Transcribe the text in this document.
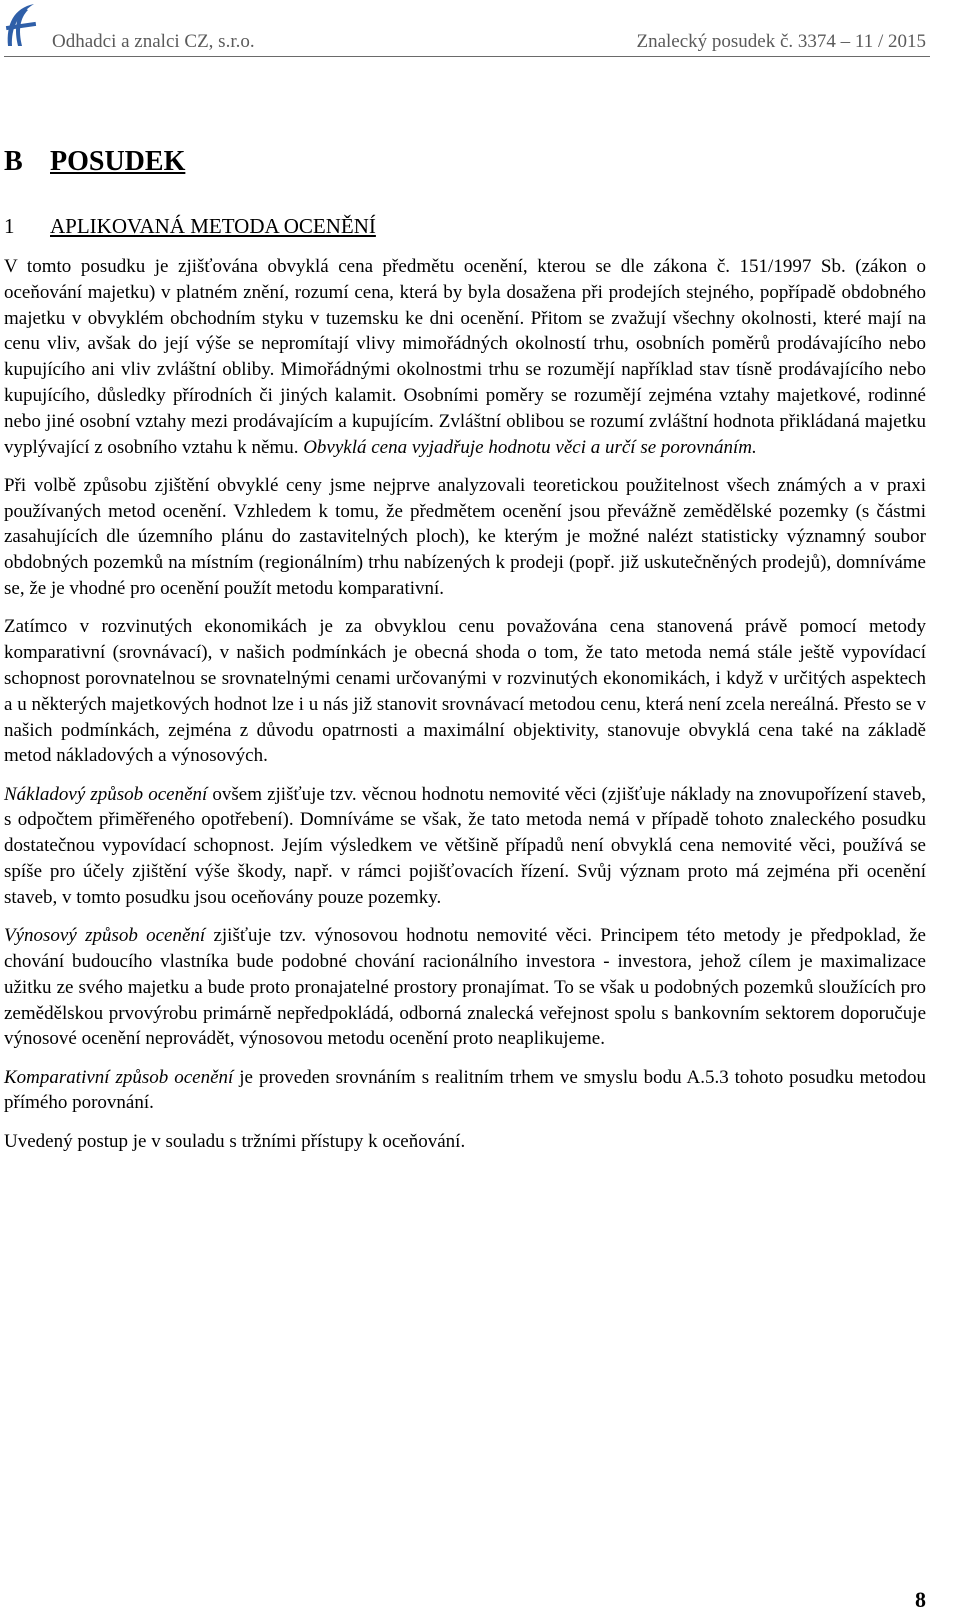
Odhadci a znalci CZ, s.r.o.	Znalecký posudek č. 3374 – 11 / 2015
B POSUDEK
1	APLIKOVANÁ METODA OCENĚNÍ

V tomto posudku je zjišťována obvyklá cena předmětu ocenění, kterou se dle zákona č. 151/1997 Sb. (zákon o oceňování majetku) v platném znění, rozumí cena, která by byla dosažena při prodejích stejného, popřípadě obdobného majetku v obvyklém obchodním styku v tuzemsku ke dni ocenění. Přitom se zvažují všechny okolnosti, které mají na cenu vliv, avšak do její výše se nepromítají vlivy mimořádných okolností trhu, osobních poměrů prodávajícího nebo kupujícího ani vliv zvláštní obliby. Mimořádnými okolnostmi trhu se rozumějí například stav tísně prodávajícího nebo kupujícího, důsledky přírodních či jiných kalamit. Osobními poměry se rozumějí zejména vztahy majetkové, rodinné nebo jiné osobní vztahy mezi prodávajícím a kupujícím. Zvláštní oblibou se rozumí zvláštní hodnota přikládaná majetku vyplývající z osobního vztahu k němu. Obvyklá cena vyjadřuje hodnotu věci a určí se porovnáním.

Při volbě způsobu zjištění obvyklé ceny jsme nejprve analyzovali teoretickou použitelnost všech známých a v praxi používaných metod ocenění. Vzhledem k tomu, že předmětem ocenění jsou převážně zemědělské pozemky (s částmi zasahujících dle územního plánu do zastavitelných ploch), ke kterým je možné nalézt statisticky významný soubor obdobných pozemků na místním (regionálním) trhu nabízených k prodeji (popř. již uskutečněných prodejů), domníváme se, že je vhodné pro ocenění použít metodu komparativní.

Zatímco v rozvinutých ekonomikách je za obvyklou cenu považována cena stanovená právě pomocí metody komparativní (srovnávací), v našich podmínkách je obecná shoda o tom, že tato metoda nemá stále ještě vypovídací schopnost porovnatelnou se srovnatelnými cenami určovanými v rozvinutých ekonomikách, i když v určitých aspektech a u některých majetkových hodnot lze i u nás již stanovit srovnávací metodou cenu, která není zcela nereálná. Přesto se v našich podmínkách, zejména z důvodu opatrnosti a maximální objektivity, stanovuje obvyklá cena také na základě metod nákladových a výnosových.

Nákladový způsob ocenění ovšem zjišťuje tzv. věcnou hodnotu nemovité věci (zjišťuje náklady na znovupořízení staveb, s odpočtem přiměřeného opotřebení). Domníváme se však, že tato metoda nemá v případě tohoto znaleckého posudku dostatečnou vypovídací schopnost. Jejím výsledkem ve většině případů není obvyklá cena nemovité věci, používá se spíše pro účely zjištění výše škody, např. v rámci pojišťovacích řízení. Svůj význam proto má zejména při ocenění staveb, v tomto posudku jsou oceňovány pouze pozemky.

Výnosový způsob ocenění zjišťuje tzv. výnosovou hodnotu nemovité věci. Principem této metody je předpoklad, že chování budoucího vlastníka bude podobné chování racionálního investora - investora, jehož cílem je maximalizace užitku ze svého majetku a bude proto pronajatelné prostory pronajímat. To se však u podobných pozemků sloužících pro zemědělskou prvovýrobu primárně nepředpokládá, odborná znalecká veřejnost spolu s bankovním sektorem doporučuje výnosové ocenění neprovádět, výnosovou metodu ocenění proto neaplikujeme.

Komparativní způsob ocenění je proveden srovnáním s realitním trhem ve smyslu bodu A.5.3 tohoto posudku metodou přímého porovnání.

Uvedený postup je v souladu s tržními přístupy k oceňování.

8
